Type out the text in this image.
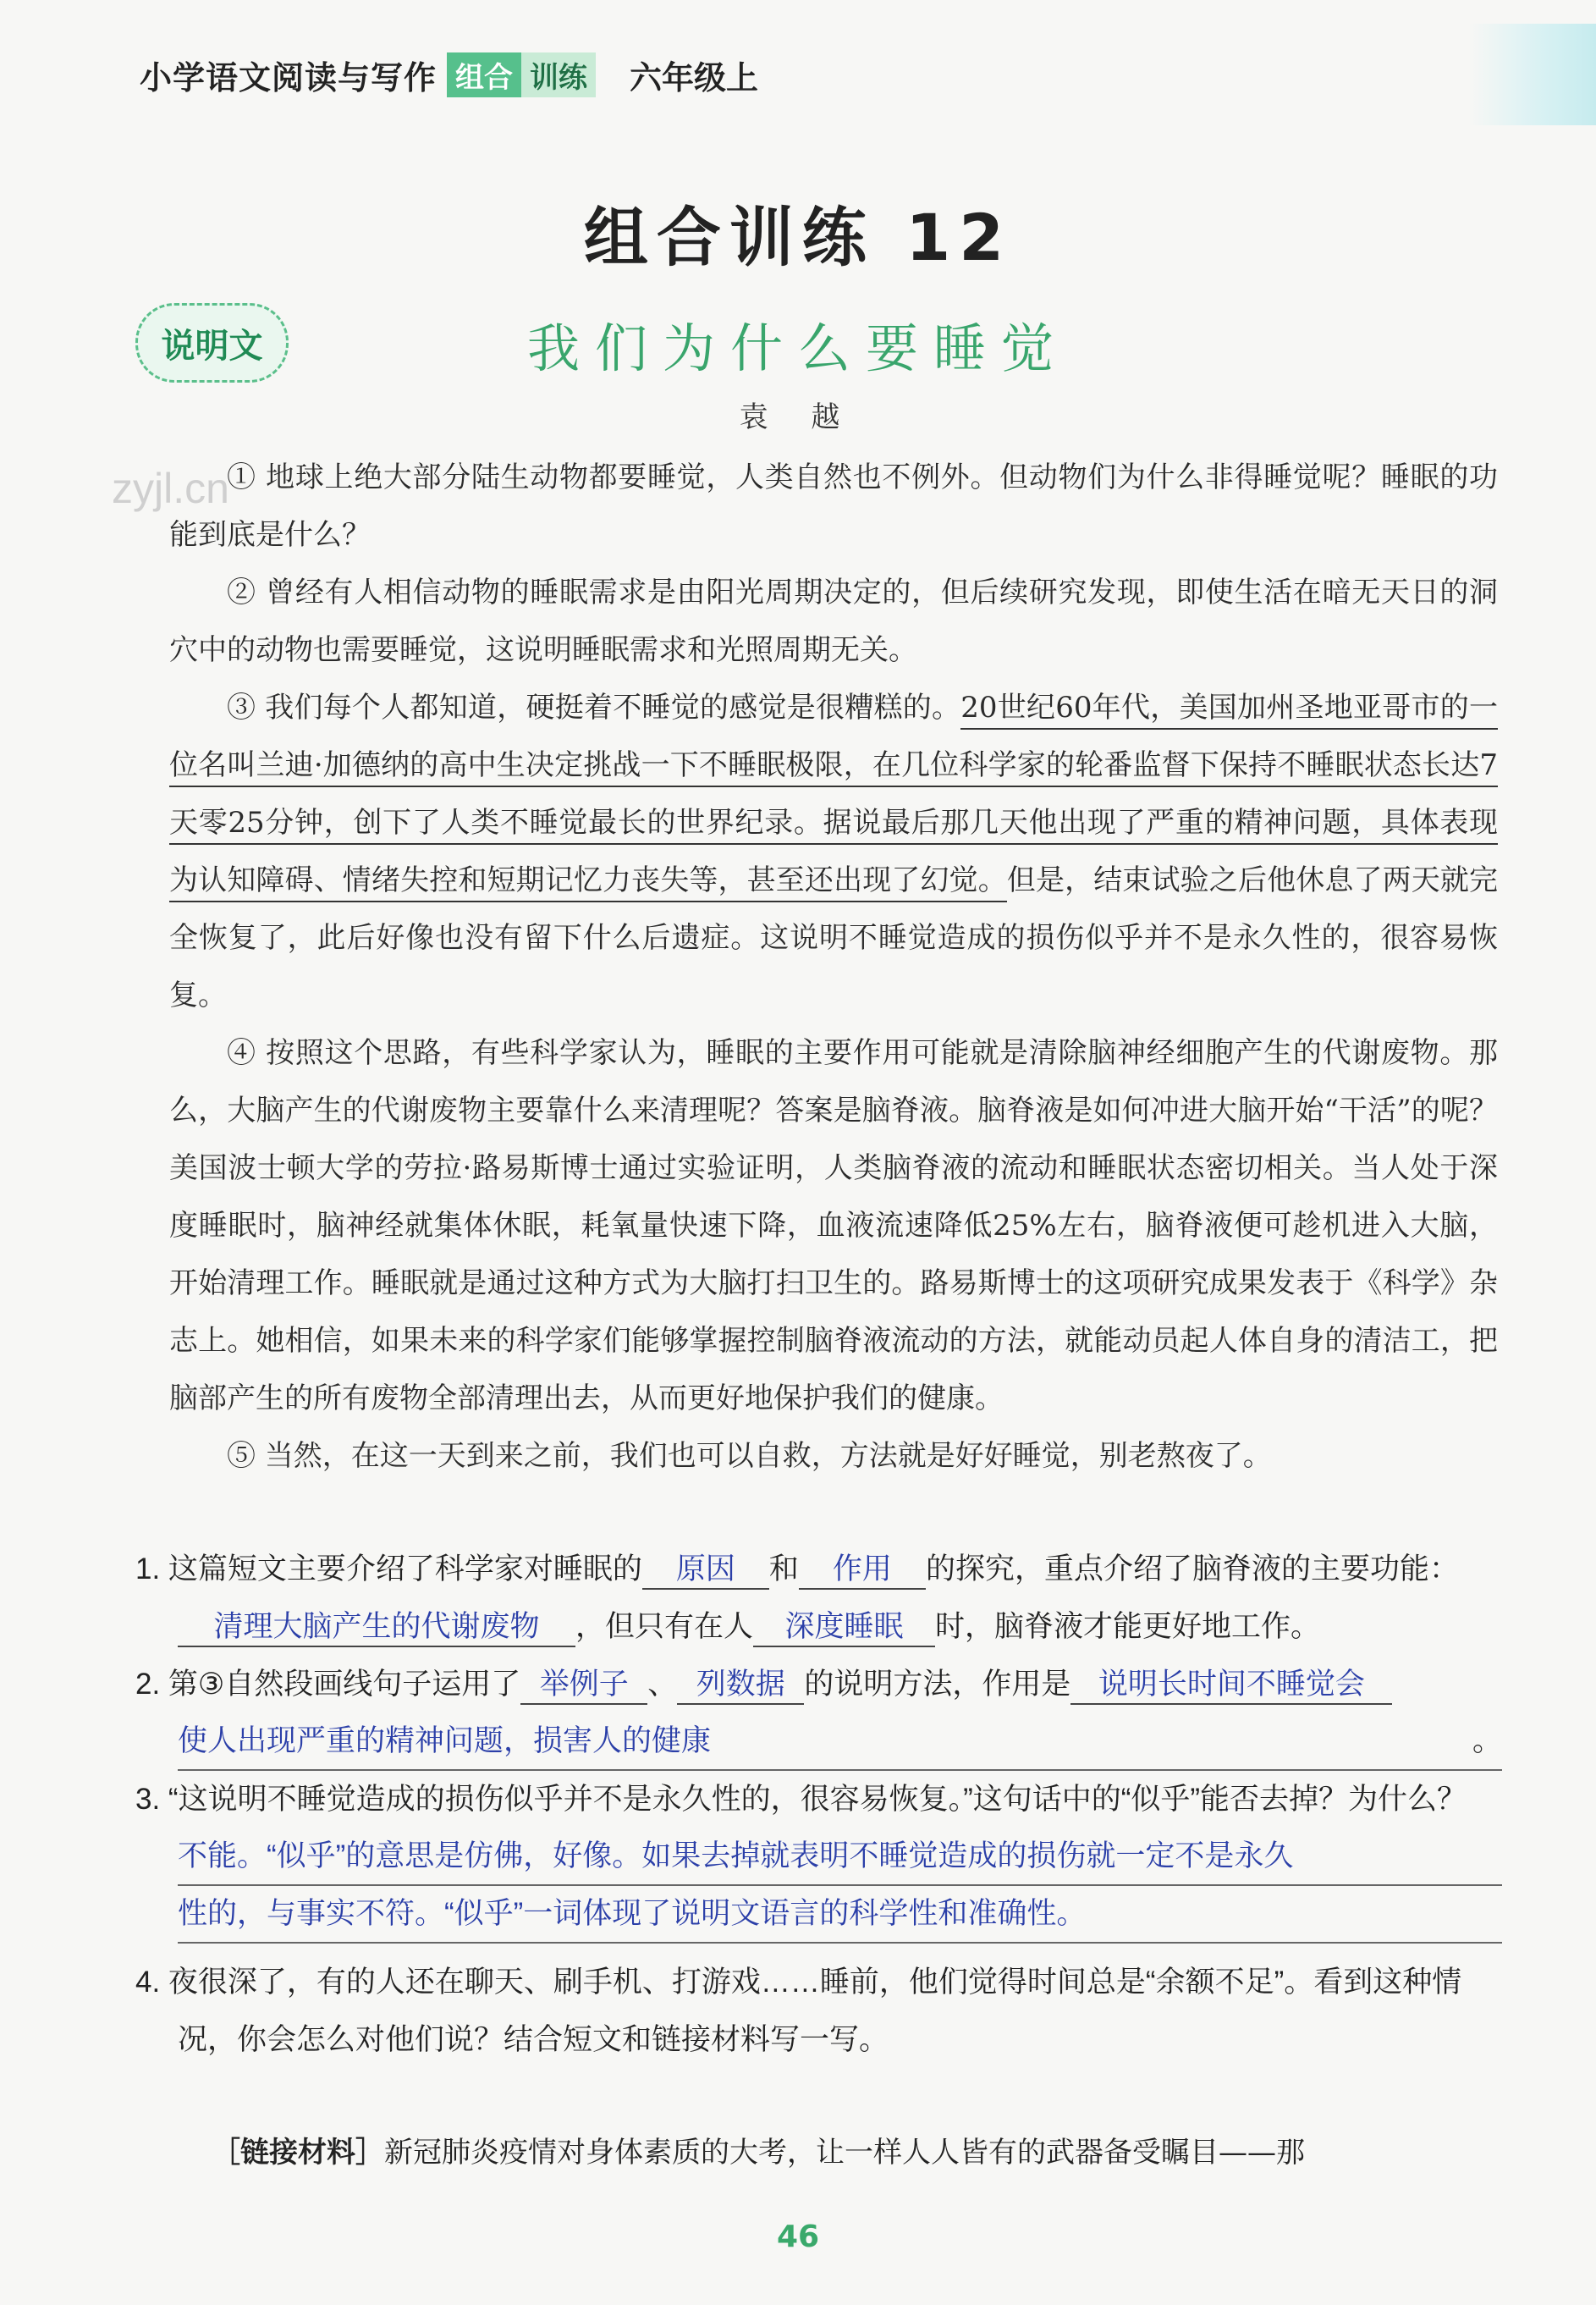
小学语文阅读与写作 组合 训练 六年级上
组合训练 12
说明文	我们为什么要睡觉
袁 越
zyjl.cn

① 地球上绝大部分陆生动物都要睡觉，人类自然也不例外。但动物们为什么非得睡觉呢？睡眠的功能到底是什么？

② 曾经有人相信动物的睡眠需求是由阳光周期决定的，但后续研究发现，即使生活在暗无天日的洞穴中的动物也需要睡觉，这说明睡眠需求和光照周期无关。

③ 我们每个人都知道，硬挺着不睡觉的感觉是很糟糕的。20世纪60年代，美国加州圣地亚哥市的一位名叫兰迪·加德纳的高中生决定挑战一下不睡眠极限，在几位科学家的轮番监督下保持不睡眠状态长达7天零25分钟，创下了人类不睡觉最长的世界纪录。据说最后那几天他出现了严重的精神问题，具体表现为认知障碍、情绪失控和短期记忆力丧失等，甚至还出现了幻觉。但是，结束试验之后他休息了两天就完全恢复了，此后好像也没有留下什么后遗症。这说明不睡觉造成的损伤似乎并不是永久性的，很容易恢复。

④ 按照这个思路，有些科学家认为，睡眠的主要作用可能就是清除脑神经细胞产生的代谢废物。那么，大脑产生的代谢废物主要靠什么来清理呢？答案是脑脊液。脑脊液是如何冲进大脑开始“干活”的呢？美国波士顿大学的劳拉·路易斯博士通过实验证明，人类脑脊液的流动和睡眠状态密切相关。当人处于深度睡眠时，脑神经就集体休眠，耗氧量快速下降，血液流速降低25%左右，脑脊液便可趁机进入大脑，开始清理工作。睡眠就是通过这种方式为大脑打扫卫生的。路易斯博士的这项研究成果发表于《科学》杂志上。她相信，如果未来的科学家们能够掌握控制脑脊液流动的方法，就能动员起人体自身的清洁工，把脑部产生的所有废物全部清理出去，从而更好地保护我们的健康。

⑤ 当然，在这一天到来之前，我们也可以自救，方法就是好好睡觉，别老熬夜了。

1. 这篇短文主要介绍了科学家对睡眠的 原因 和 作用 的探究，重点介绍了脑脊液的主要功能：清理大脑产生的代谢废物 ，但只有在人 深度睡眠 时，脑脊液才能更好地工作。

2. 第③自然段画线句子运用了 举例子 、 列数据 的说明方法，作用是 说明长时间不睡觉会

使人出现严重的精神问题，损害人的健康	。

3. “这说明不睡觉造成的损伤似乎并不是永久性的，很容易恢复。”这句话中的“似乎”能否去掉？为什么？

不能。“似乎”的意思是仿佛，好像。如果去掉就表明不睡觉造成的损伤就一定不是永久
性的，与事实不符。“似乎”一词体现了说明文语言的科学性和准确性。

4. 夜很深了，有的人还在聊天、刷手机、打游戏……睡前，他们觉得时间总是“余额不足”。看到这种情况，你会怎么对他们说？结合短文和链接材料写一写。

［链接材料］新冠肺炎疫情对身体素质的大考，让一样人人皆有的武器备受瞩目——那
46
